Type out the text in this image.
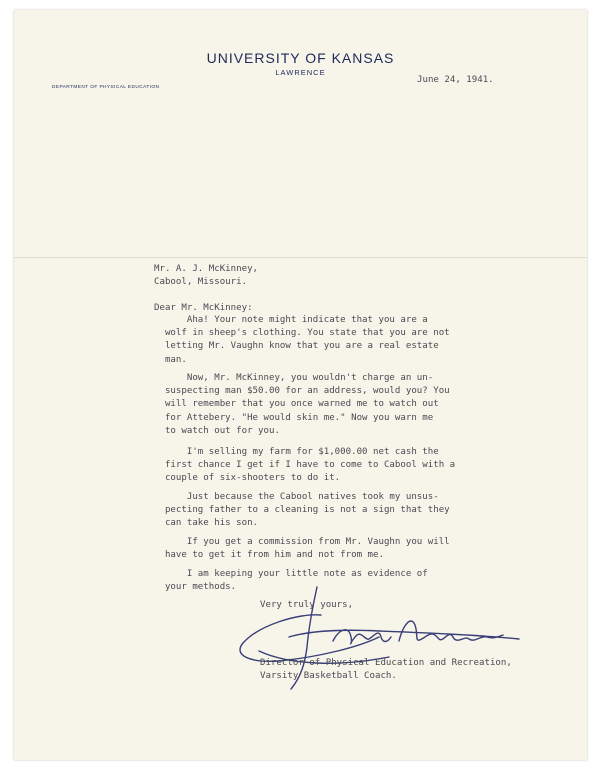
UNIVERSITY OF KANSAS
LAWRENCE
DEPARTMENT OF PHYSICAL EDUCATION
June 24, 1941.
Mr. A. J. McKinney,
Cabool, Missouri.
Dear Mr. McKinney:
Aha! Your note might indicate that you are a
wolf in sheep's clothing. You state that you are not
letting Mr. Vaughn know that you are a real estate
man.
Now, Mr. McKinney, you wouldn't charge an un-
suspecting man $50.00 for an address, would you? You
will remember that you once warned me to watch out
for Attebery. "He would skin me." Now you warn me
to watch out for you.
I'm selling my farm for $1,000.00 net cash the
first chance I get if I have to come to Cabool with a
couple of six-shooters to do it.
Just because the Cabool natives took my unsus-
pecting father to a cleaning is not a sign that they
can take his son.
If you get a commission from Mr. Vaughn you will
have to get it from him and not from me.
I am keeping your little note as evidence of
your methods.
Very truly yours,
Director of Physical Education and Recreation,
Varsity Basketball Coach.
